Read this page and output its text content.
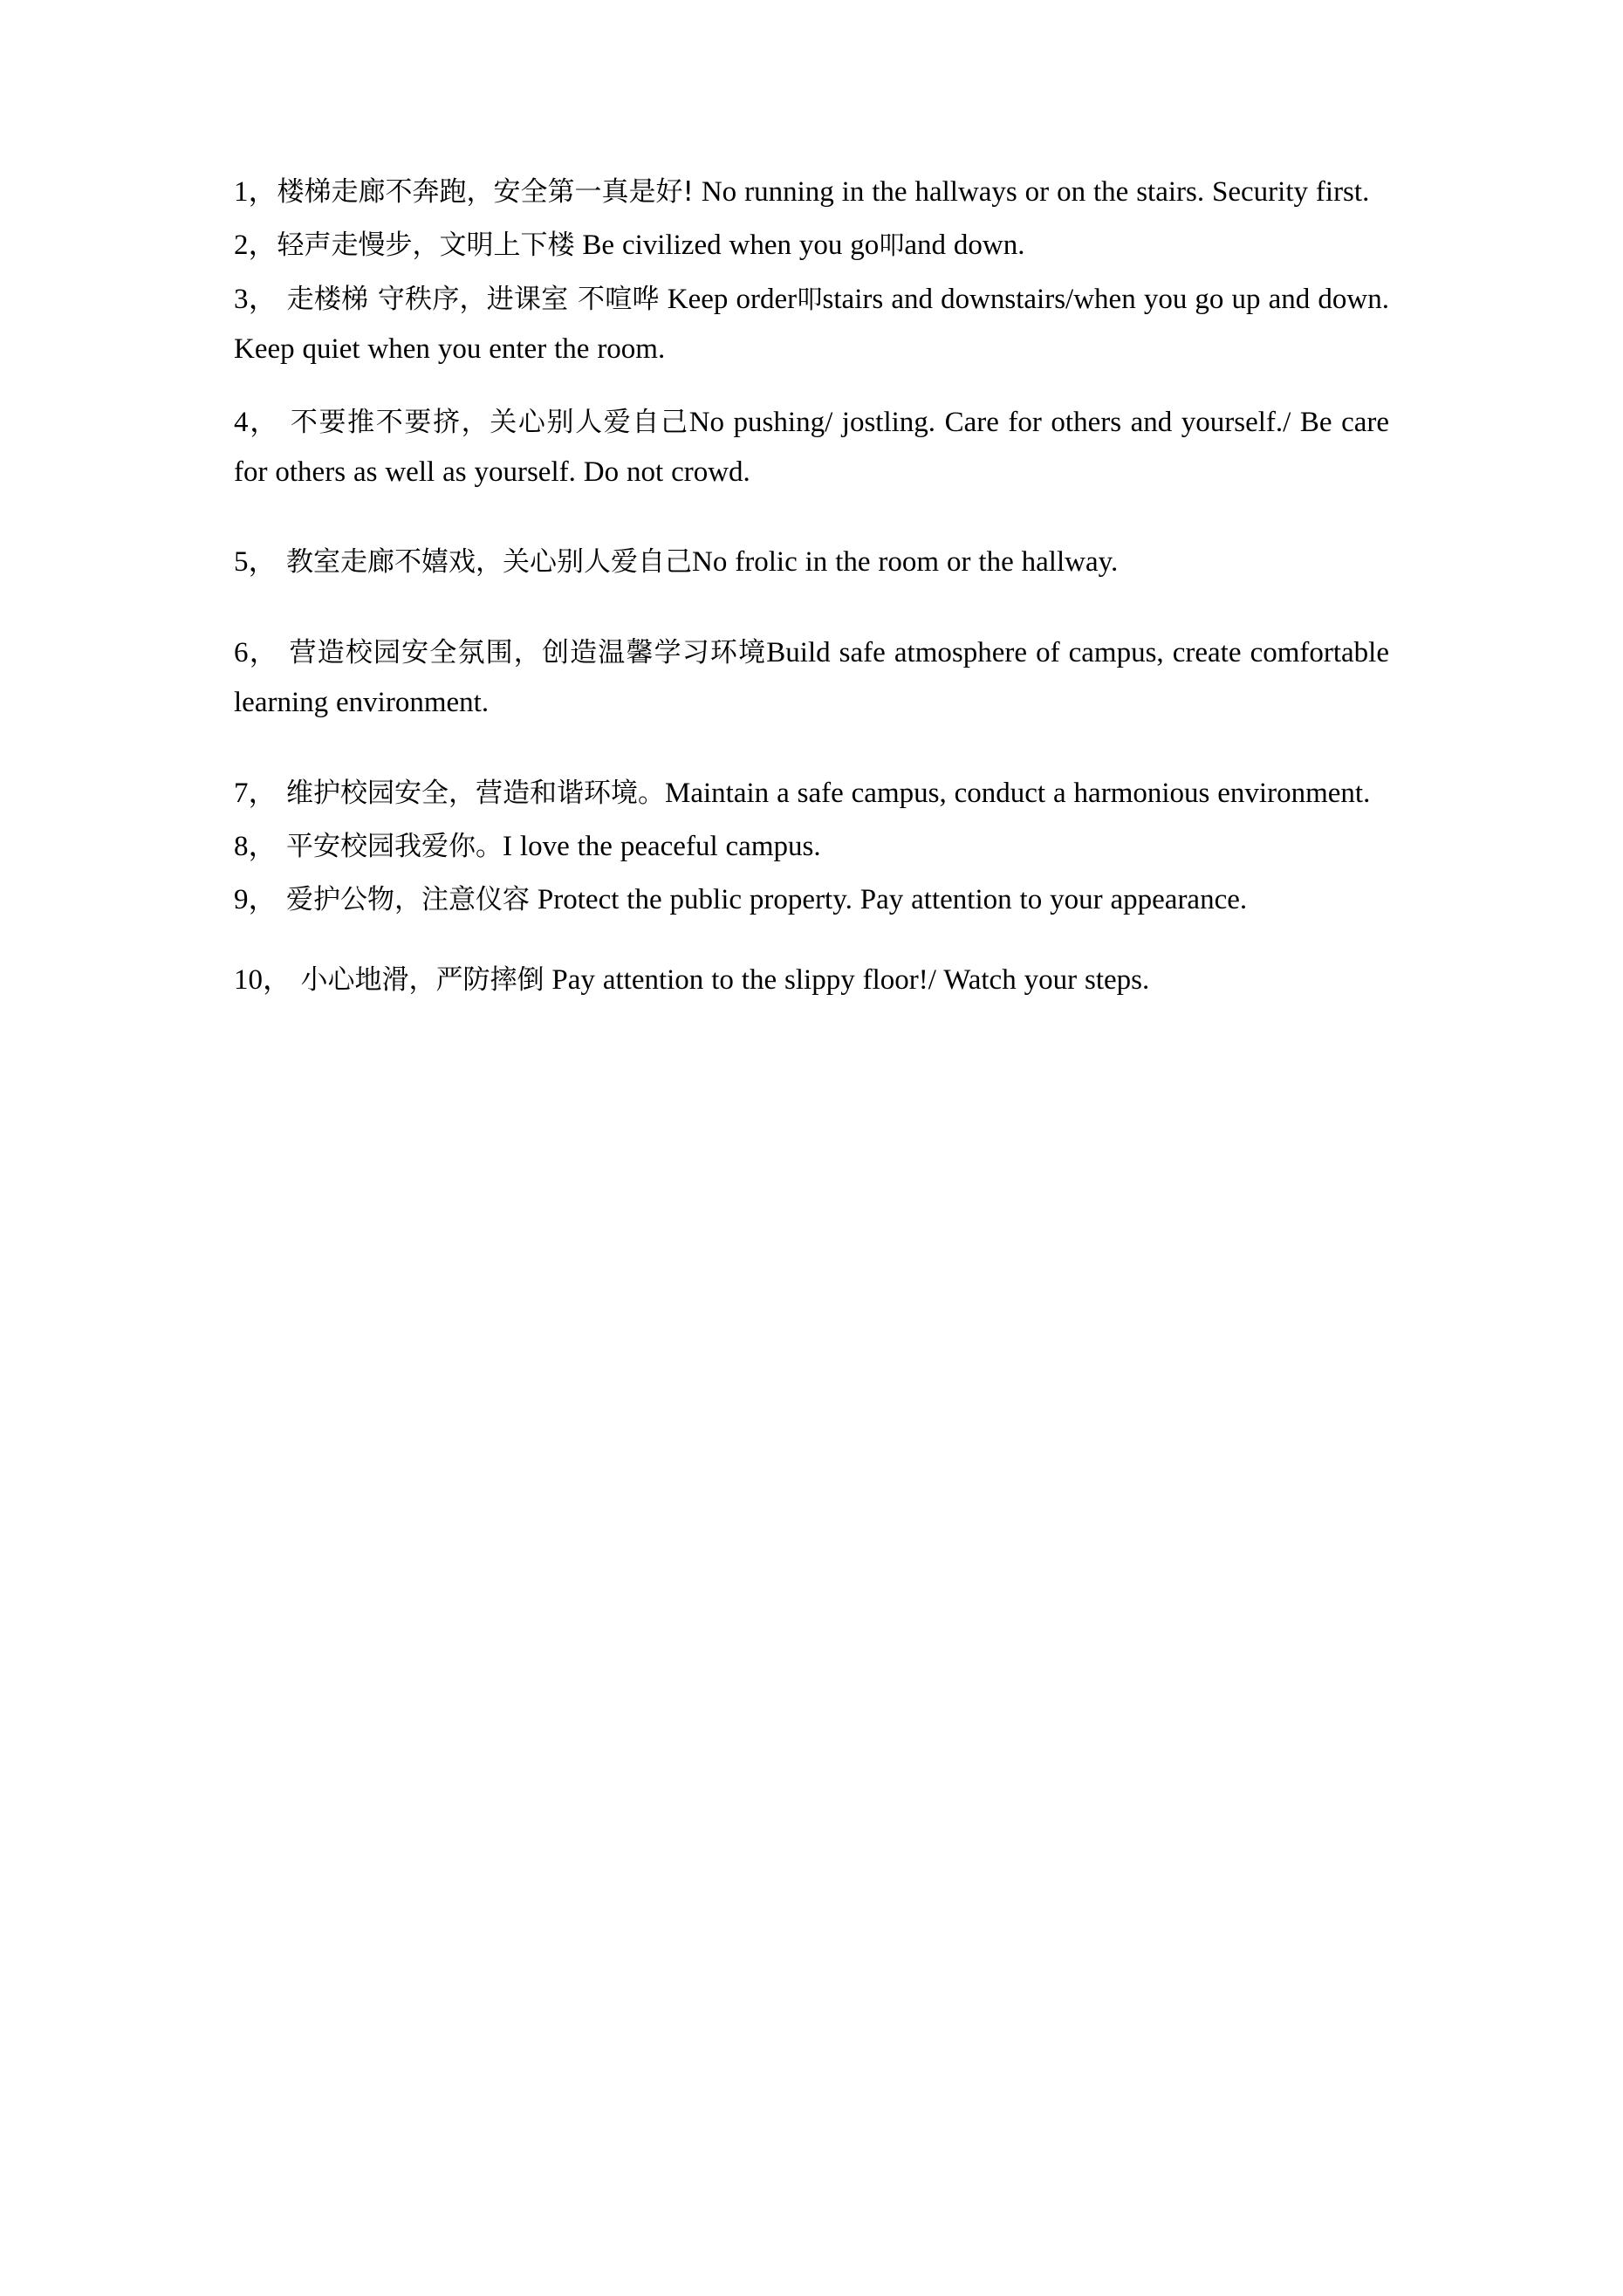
1，楼梯走廊不奔跑，安全第一真是好! No running in the hallways or on the stairs. Security first.

2，轻声走慢步，文明上下楼 Be civilized when you go叩and down.

3， 走楼梯 守秩序，进课室 不喧哗 Keep order叩stairs and downstairs/when you go up and down. Keep quiet when you enter the room.

4， 不要推不要挤，关心别人爱自己No pushing/ jostling. Care for others and yourself./ Be care for others as well as yourself. Do not crowd.

5， 教室走廊不嬉戏，关心别人爱自己No frolic in the room or the hallway.

6， 营造校园安全氛围，创造温馨学习环境Build safe atmosphere of campus, create comfortable learning environment.

7， 维护校园安全，营造和谐环境。Maintain a safe campus, conduct a harmonious environment.

8， 平安校园我爱你。I love the peaceful campus.

9， 爱护公物，注意仪容 Protect the public property. Pay attention to your appearance.

10， 小心地滑，严防摔倒 Pay attention to the slippy floor!/ Watch your steps.
